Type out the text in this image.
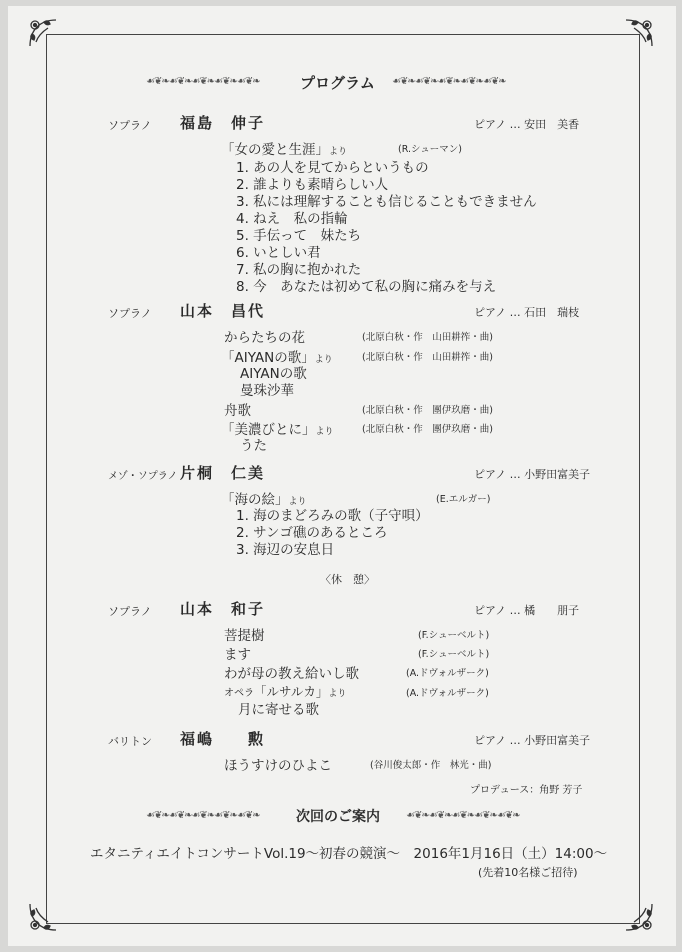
☙❦❧☙❦❧☙❦❧☙❦❧☙❦❧	プログラム ☙❦❧☙❦❧☙❦❧☙❦❧☙❦❧
ソプラノ 福島　伸子	ピアノ … 安田　美香
「女の愛と生涯」より	(R.シューマン)
1. あの人を見てからというもの
2. 誰よりも素晴らしい人
3. 私には理解することも信じることもできません
4. ねえ　私の指輪
5. 手伝って　妹たち
6. いとしい君
7. 私の胸に抱かれた
8. 今　あなたは初めて私の胸に痛みを与え
ソプラノ 山本　昌代	ピアノ … 石田　瑞枝
からたちの花	(北原白秋・作　山田耕筰・曲)
「AIYANの歌」より	(北原白秋・作　山田耕筰・曲)
AIYANの歌
曼珠沙華
舟歌	(北原白秋・作　團伊玖磨・曲)
「美濃びとに」より	(北原白秋・作　團伊玖磨・曲)
うた
メゾ・ソプラノ 片桐　仁美	ピアノ … 小野田富美子
「海の絵」より	(E.エルガー)
1. 海のまどろみの歌（子守唄）
2. サンゴ礁のあるところ
3. 海辺の安息日
〈休　憩〉
ソプラノ 山本　和子	ピアノ … 橘　　朋子
菩提樹	(F.シューベルト)
ます	(F.シューベルト)
わが母の教え給いし歌	(A.ドヴォルザーク)
オペラ「ルサルカ」より	(A.ドヴォルザーク)
月に寄せる歌
バリトン 福嶋　　勲	ピアノ … 小野田富美子
ほうすけのひよこ	(谷川俊太郎・作　林光・曲)
プロデュース：角野 芳子
☙❦❧☙❦❧☙❦❧☙❦❧☙❦❧	次回のご案内	☙❦❧☙❦❧☙❦❧☙❦❧☙❦❧
エタニティエイトコンサートVol.19～初春の競演～　2016年1月16日（土）14:00～
(先着10名様ご招待)
